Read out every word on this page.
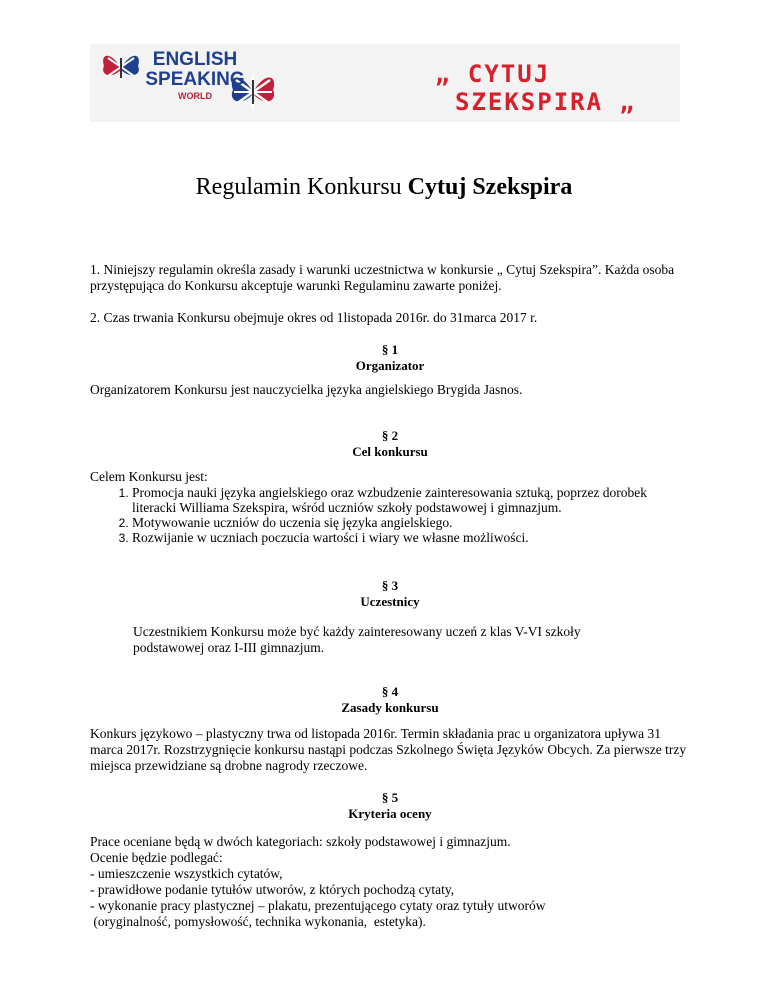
ENGLISH
SPEAKING
WORLD
„ CYTUJ
SZEKSPIRA „
Regulamin Konkursu Cytuj Szekspira
1. Niniejszy regulamin określa zasady i warunki uczestnictwa w konkursie „ Cytuj Szekspira”. Każda osoba przystępująca do Konkursu akceptuje warunki Regulaminu zawarte poniżej.
2. Czas trwania Konkursu obejmuje okres od 1listopada 2016r. do 31marca 2017 r.
§ 1
Organizator
Organizatorem Konkursu jest nauczycielka języka angielskiego Brygida Jasnos.
§ 2
Cel konkursu
Celem Konkursu jest:
1. Promocja nauki języka angielskiego oraz wzbudzenie zainteresowania sztuką, poprzez dorobek literacki Williama Szekspira, wśród uczniów szkoły podstawowej i gimnazjum.
2. Motywowanie uczniów do uczenia się języka angielskiego.
3. Rozwijanie w uczniach poczucia wartości i wiary we własne możliwości.
§ 3
Uczestnicy
Uczestnikiem Konkursu może być każdy zainteresowany uczeń z klas V-VI szkoły podstawowej oraz I-III gimnazjum.
§ 4
Zasady konkursu
Konkurs językowo – plastyczny trwa od listopada 2016r. Termin składania prac u organizatora upływa 31 marca 2017r. Rozstrzygnięcie konkursu nastąpi podczas Szkolnego Święta Języków Obcych. Za pierwsze trzy miejsca przewidziane są drobne nagrody rzeczowe.
§ 5
Kryteria oceny
Prace oceniane będą w dwóch kategoriach: szkoły podstawowej i gimnazjum.
Ocenie będzie podlegać:
- umieszczenie wszystkich cytatów,
- prawidłowe podanie tytułów utworów, z których pochodzą cytaty,
- wykonanie pracy plastycznej – plakatu, prezentującego cytaty oraz tytuły utworów
(oryginalność, pomysłowość, technika wykonania,  estetyka).
